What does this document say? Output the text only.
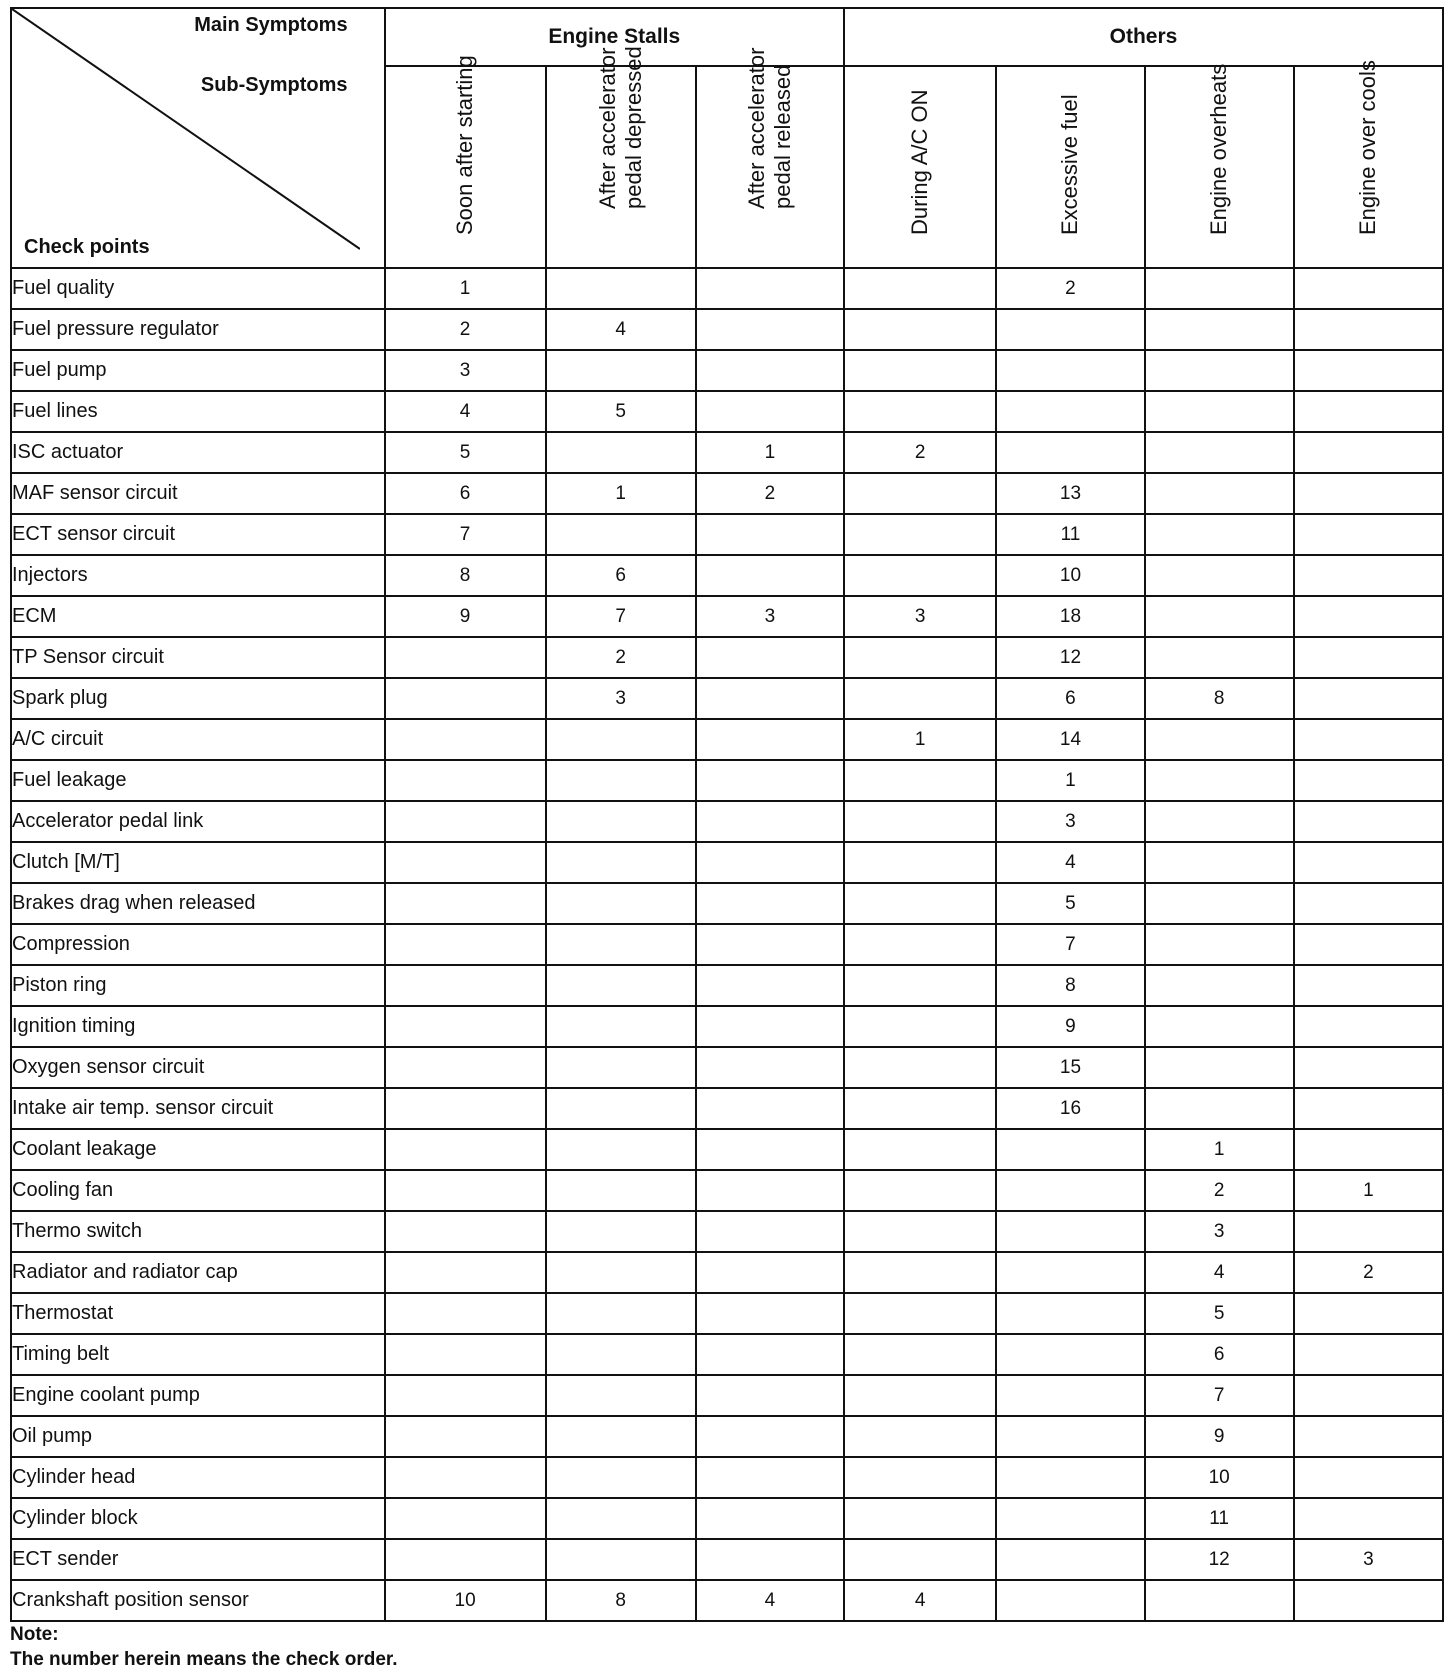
Main Symptoms
Sub-Symptoms
Check points	Engine Stalls			Others			

	Soon after starting	After accelerator pedal depressed	After accelerator pedal released	During A/C ON	Excessive fuel	Engine overheats	Engine over cools

Fuel quality	1				2		
Fuel pressure regulator	2	4					
Fuel pump	3						
Fuel lines	4	5					
ISC actuator	5		1	2			
MAF sensor circuit	6	1	2		13		
ECT sensor circuit	7				11		
Injectors	8	6			10		
ECM	9	7	3	3	18		
TP Sensor circuit		2			12		
Spark plug		3			6	8	
A/C circuit				1	14		
Fuel leakage					1		
Accelerator pedal link					3		
Clutch [M/T]					4		
Brakes drag when released					5		
Compression					7		
Piston ring					8		
Ignition timing					9		
Oxygen sensor circuit					15		
Intake air temp. sensor circuit					16		
Coolant leakage						1	
Cooling fan						2	1
Thermo switch						3	
Radiator and radiator cap						4	2
Thermostat						5	
Timing belt						6	
Engine coolant pump						7	
Oil pump						9	
Cylinder head						10	
Cylinder block						11	
ECT sender						12	3
Crankshaft position sensor	10	8	4	4			
Note:
The number herein means the check order.
